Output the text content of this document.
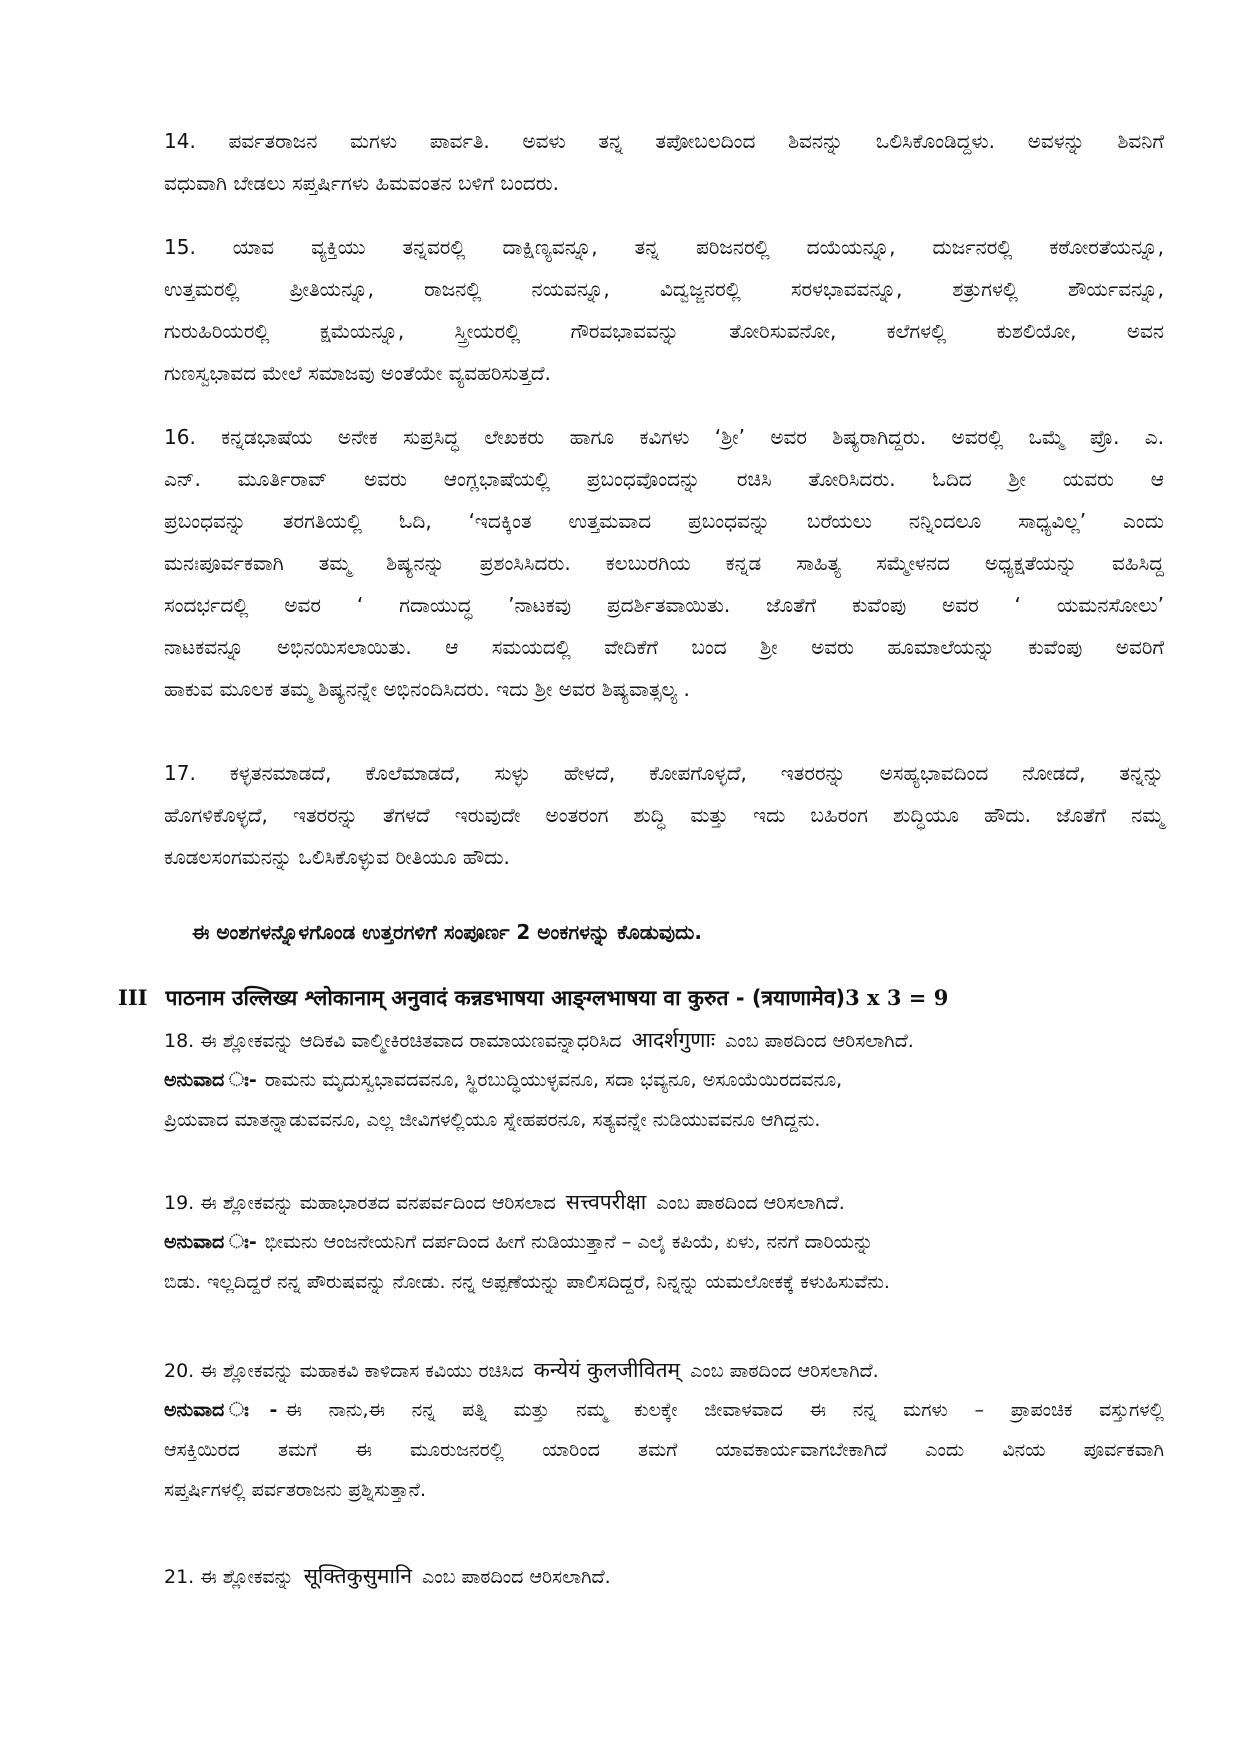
14. ಪರ್ವತರಾಜನ ಮಗಳು ಪಾರ್ವತಿ. ಅವಳು ತನ್ನ ತಪೋಬಲದಿಂದ ಶಿವನನ್ನು ಒಲಿಸಿಕೊಂಡಿದ್ದಳು. ಅವಳನ್ನು ಶಿವನಿಗೆ
ವಧುವಾಗಿ ಬೇಡಲು ಸಪ್ತರ್ಷಿಗಳು ಹಿಮವಂತನ ಬಳಿಗೆ ಬಂದರು.
15. ಯಾವ ವ್ಯಕ್ತಿಯು ತನ್ನವರಲ್ಲಿ ದಾಕ್ಷಿಣ್ಯವನ್ನೂ, ತನ್ನ ಪರಿಜನರಲ್ಲಿ ದಯೆಯನ್ನೂ, ದುರ್ಜನರಲ್ಲಿ ಕಠೋರತೆಯನ್ನೂ,
ಉತ್ತಮರಲ್ಲಿ ಪ್ರೀತಿಯನ್ನೂ, ರಾಜನಲ್ಲಿ ನಯವನ್ನೂ, ವಿದ್ವಜ್ಜನರಲ್ಲಿ ಸರಳಭಾವವನ್ನೂ, ಶತ್ರುಗಳಲ್ಲಿ ಶೌರ್ಯವನ್ನೂ,
ಗುರುಹಿರಿಯರಲ್ಲಿ ಕ್ಷಮೆಯನ್ನೂ, ಸ್ತ್ರೀಯರಲ್ಲಿ ಗೌರವಭಾವವನ್ನು ತೋರಿಸುವನೋ, ಕಲೆಗಳಲ್ಲಿ ಕುಶಲಿಯೋ, ಅವನ
ಗುಣಸ್ವಭಾವದ ಮೇಲೆ ಸಮಾಜವು ಅಂತೆಯೇ ವ್ಯವಹರಿಸುತ್ತದೆ.
16. ಕನ್ನಡಭಾಷೆಯ ಅನೇಕ ಸುಪ್ರಸಿದ್ಧ ಲೇಖಕರು ಹಾಗೂ ಕವಿಗಳು ‘ಶ್ರೀ’ ಅವರ ಶಿಷ್ಯರಾಗಿದ್ದರು. ಅವರಲ್ಲಿ ಒಮ್ಮೆ ಪ್ರೊ. ಎ.
ಎನ್. ಮೂರ್ತಿರಾವ್ ಅವರು ಆಂಗ್ಲಭಾಷೆಯಲ್ಲಿ ಪ್ರಬಂಧವೊಂದನ್ನು ರಚಿಸಿ ತೋರಿಸಿದರು. ಓದಿದ ಶ್ರೀ ಯವರು ಆ
ಪ್ರಬಂಧವನ್ನು ತರಗತಿಯಲ್ಲಿ ಓದಿ, ‘ಇದಕ್ಕಿಂತ ಉತ್ತಮವಾದ ಪ್ರಬಂಧವನ್ನು ಬರೆಯಲು ನನ್ನಿಂದಲೂ ಸಾಧ್ಯವಿಲ್ಲ’ ಎಂದು
ಮನಃಪೂರ್ವಕವಾಗಿ ತಮ್ಮ ಶಿಷ್ಯನನ್ನು ಪ್ರಶಂಸಿಸಿದರು. ಕಲಬುರಗಿಯ ಕನ್ನಡ ಸಾಹಿತ್ಯ ಸಮ್ಮೇಳನದ ಅಧ್ಯಕ್ಷತೆಯನ್ನು ವಹಿಸಿದ್ದ
ಸಂದರ್ಭದಲ್ಲಿ ಅವರ ‘ ಗದಾಯುದ್ಧ ’ನಾಟಕವು ಪ್ರದರ್ಶಿತವಾಯಿತು. ಜೊತೆಗೆ ಕುವೆಂಪು ಅವರ ‘ ಯಮನಸೋಲು’
ನಾಟಕವನ್ನೂ ಅಭಿನಯಿಸಲಾಯಿತು. ಆ ಸಮಯದಲ್ಲಿ ವೇದಿಕೆಗೆ ಬಂದ ಶ್ರೀ ಅವರು ಹೂಮಾಲೆಯನ್ನು ಕುವೆಂಪು ಅವರಿಗೆ
ಹಾಕುವ ಮೂಲಕ ತಮ್ಮ ಶಿಷ್ಯನನ್ನೇ ಅಭಿನಂದಿಸಿದರು. ಇದು ಶ್ರೀ ಅವರ ಶಿಷ್ಯವಾತ್ಸಲ್ಯ .
17. ಕಳ್ಳತನಮಾಡದೆ, ಕೊಲೆಮಾಡದೆ, ಸುಳ್ಳು ಹೇಳದೆ, ಕೋಪಗೊಳ್ಳದೆ, ಇತರರನ್ನು ಅಸಹ್ಯಭಾವದಿಂದ ನೋಡದೆ, ತನ್ನನ್ನು
ಹೊಗಳಿಕೊಳ್ಳದೆ, ಇತರರನ್ನು ತೆಗಳದೆ ಇರುವುದೇ ಅಂತರಂಗ ಶುದ್ಧಿ ಮತ್ತು ಇದು ಬಹಿರಂಗ ಶುದ್ಧಿಯೂ ಹೌದು. ಜೊತೆಗೆ ನಮ್ಮ
ಕೂಡಲಸಂಗಮನನ್ನು ಒಲಿಸಿಕೊಳ್ಳುವ ರೀತಿಯೂ ಹೌದು.
ಈ ಅಂಶಗಳನ್ನೊಳಗೊಂಡ ಉತ್ತರಗಳಿಗೆ ಸಂಪೂರ್ಣ 2 ಅಂಕಗಳನ್ನು ಕೊಡುವುದು.
III पाठनाम उल्लिख्य श्लोकानाम् अनुवादं कन्नडभाषया आङ्ग्लभाषया वा कुरुत - (त्रयाणामेव)3 x 3 = 9
18. ಈ ಶ್ಲೋಕವನ್ನು ಆದಿಕವಿ ವಾಲ್ಮೀಕಿರಚಿತವಾದ ರಾಮಾಯಣವನ್ನಾಧರಿಸಿದ आदर्शगुणाः ಎಂಬ ಪಾಠದಿಂದ ಆರಿಸಲಾಗಿದೆ.
ಅನುವಾದ ಃ- ರಾಮನು ಮೃದುಸ್ವಭಾವದವನೂ, ಸ್ಥಿರಬುದ್ಧಿಯುಳ್ಳವನೂ, ಸದಾ ಭವ್ಯನೂ, ಅಸೂಯೆಯಿರದವನೂ,
ಪ್ರಿಯವಾದ ಮಾತನ್ನಾಡುವವನೂ, ಎಲ್ಲ ಜೀವಿಗಳಲ್ಲಿಯೂ ಸ್ನೇಹಪರನೂ, ಸತ್ಯವನ್ನೇ ನುಡಿಯುವವನೂ ಆಗಿದ್ದನು.
19. ಈ ಶ್ಲೋಕವನ್ನು ಮಹಾಭಾರತದ ವನಪರ್ವದಿಂದ ಆರಿಸಲಾದ सत्त्वपरीक्षा ಎಂಬ ಪಾಠದಿಂದ ಆರಿಸಲಾಗಿದೆ.
ಅನುವಾದ ಃ- ಭೀಮನು ಆಂಜನೇಯನಿಗೆ ದರ್ಪದಿಂದ ಹೀಗೆ ನುಡಿಯುತ್ತಾನೆ – ಎಲೈ ಕಪಿಯೆ, ಏಳು, ನನಗೆ ದಾರಿಯನ್ನು
ಬಿಡು. ಇಲ್ಲದಿದ್ದರೆ ನನ್ನ ಪೌರುಷವನ್ನು ನೋಡು. ನನ್ನ ಅಪ್ಪಣೆಯನ್ನು ಪಾಲಿಸದಿದ್ದರೆ, ನಿನ್ನನ್ನು ಯಮಲೋಕಕ್ಕೆ ಕಳುಹಿಸುವೆನು.
20. ಈ ಶ್ಲೋಕವನ್ನು ಮಹಾಕವಿ ಕಾಳಿದಾಸ ಕವಿಯು ರಚಿಸಿದ कन्येयं कुलजीवितम् ಎಂಬ ಪಾಠದಿಂದ ಆರಿಸಲಾಗಿದೆ.
ಅನುವಾದ ಃ- ಈ ನಾನು,ಈ ನನ್ನ ಪತ್ನಿ ಮತ್ತು ನಮ್ಮ ಕುಲಕ್ಕೇ ಜೀವಾಳವಾದ ಈ ನನ್ನ ಮಗಳು – ಪ್ರಾಪಂಚಿಕ ವಸ್ತುಗಳಲ್ಲಿ
ಆಸಕ್ತಿಯಿರದ ತಮಗೆ ಈ ಮೂರುಜನರಲ್ಲಿ ಯಾರಿಂದ ತಮಗೆ ಯಾವಕಾರ್ಯವಾಗಬೇಕಾಗಿದೆ ಎಂದು ವಿನಯ ಪೂರ್ವಕವಾಗಿ
ಸಪ್ತರ್ಷಿಗಳಲ್ಲಿ ಪರ್ವತರಾಜನು ಪ್ರಶ್ನಿಸುತ್ತಾನೆ.
21. ಈ ಶ್ಲೋಕವನ್ನು सूक्तिकुसुमानि ಎಂಬ ಪಾಠದಿಂದ ಆರಿಸಲಾಗಿದೆ.
